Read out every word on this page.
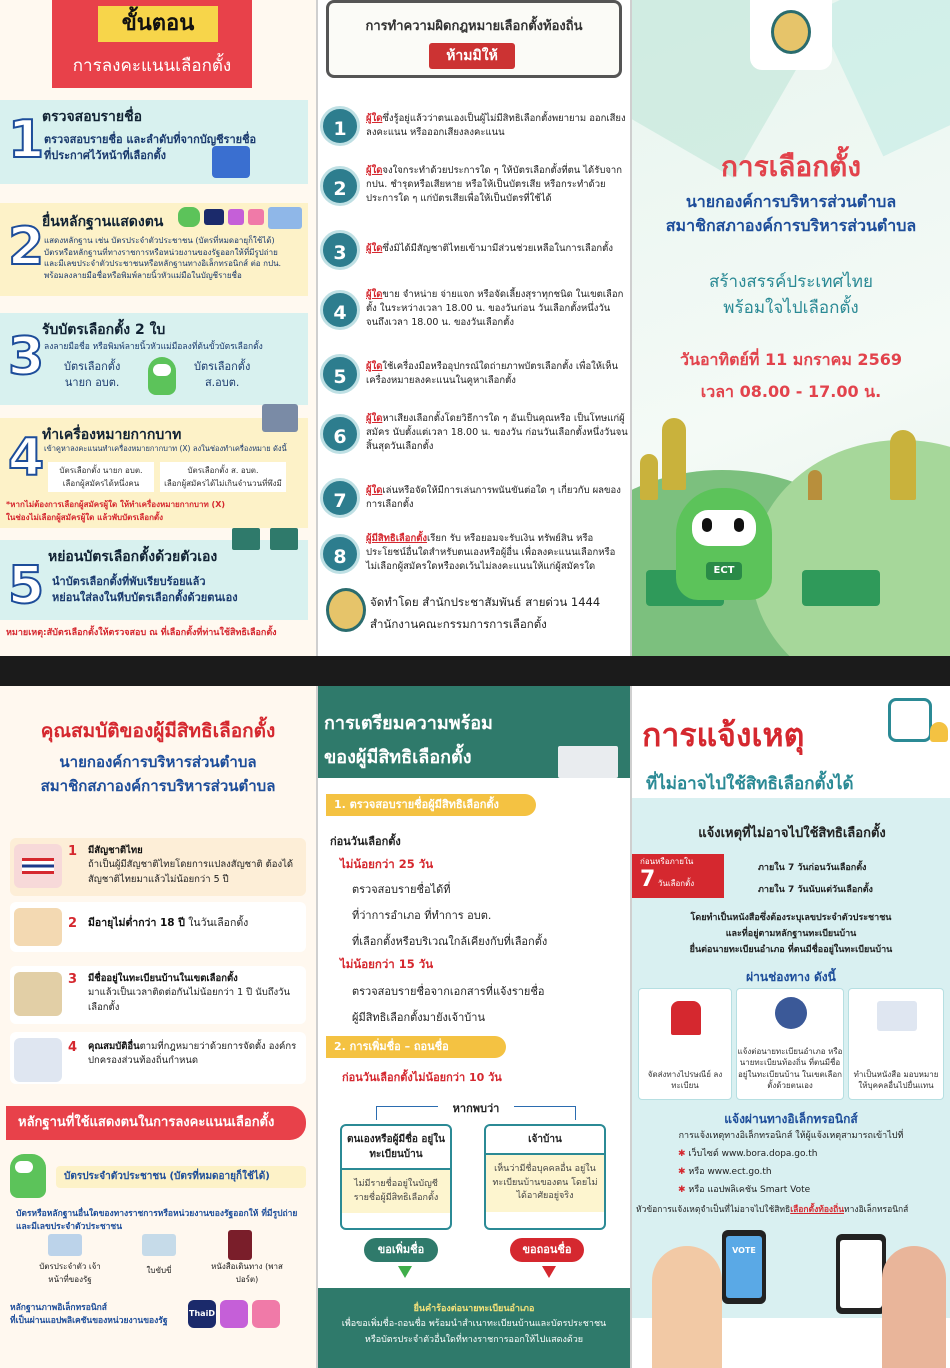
ขั้นตอน
การลงคะแนนเลือกตั้ง
1
ตรวจสอบรายชื่อ
ตรวจสอบรายชื่อ และลำดับที่จากบัญชีรายชื่อ
ที่ประกาศไว้หน้าที่เลือกตั้ง
2
ยื่นหลักฐานแสดงตน
แสดงหลักฐาน เช่น บัตรประจำตัวประชาชน (บัตรที่หมดอายุก็ใช้ได้)
บัตรหรือหลักฐานที่ทางราชการหรือหน่วยงานของรัฐออกให้ที่มีรูปถ่าย
และมีเลขประจำตัวประชาชนหรือหลักฐานทางอิเล็กทรอนิกส์ ต่อ กปน.
พร้อมลงลายมือชื่อหรือพิมพ์ลายนิ้วหัวแม่มือในบัญชีรายชื่อ
3
รับบัตรเลือกตั้ง 2 ใบ
ลงลายมือชื่อ หรือพิมพ์ลายนิ้วหัวแม่มือลงที่ต้นขั้วบัตรเลือกตั้ง
บัตรเลือกตั้ง
นายก อบต.
บัตรเลือกตั้ง
ส.อบต.
4
ทำเครื่องหมายกากบาท
เข้าคูหาลงคะแนนทำเครื่องหมายกากบาท (X) ลงในช่องทำเครื่องหมาย ดังนี้
บัตรเลือกตั้ง นายก อบต.
เลือกผู้สมัครได้หนึ่งคน
บัตรเลือกตั้ง ส. อบต.
เลือกผู้สมัครได้ไม่เกินจำนวนที่พึงมี
*หากไม่ต้องการเลือกผู้สมัครผู้ใด ให้ทำเครื่องหมายกากบาท (X)
ในช่องไม่เลือกผู้สมัครผู้ใด แล้วพับบัตรเลือกตั้ง
5 หย่อนบัตรเลือกตั้งด้วยตัวเอง
นำบัตรเลือกตั้งที่พับเรียบร้อยแล้ว
หย่อนใส่ลงในหีบบัตรเลือกตั้งด้วยตนเอง
หมายเหตุ:สับัตรเลือกตั้งให้ตรวจสอบ ณ ที่เลือกตั้งที่ท่านใช้สิทธิเลือกตั้ง
การทำความผิดกฎหมายเลือกตั้งท้องถิ่น
ห้ามมิให้
1	ผู้ใดซึ่งรู้อยู่แล้วว่าตนเองเป็นผู้ไม่มีสิทธิเลือกตั้งพยายาม ออกเสียงลงคะแนน หรือออกเสียงลงคะแนน
2
ผู้ใดจงใจกระทำด้วยประการใด ๆ ให้บัตรเลือกตั้งที่ตน ได้รับจาก กปน. ชำรุดหรือเสียหาย หรือให้เป็นบัตรเสีย หรือกระทำด้วยประการใด ๆ แก่บัตรเสียเพื่อให้เป็นบัตรที่ใช้ได้
3	ผู้ใดซึ่งมิได้มีสัญชาติไทยเข้ามามีส่วนช่วยเหลือในการเลือกตั้ง
4
ผู้ใดขาย จำหน่าย จ่ายแจก หรือจัดเลี้ยงสุราทุกชนิด ในเขตเลือกตั้ง ในระหว่างเวลา 18.00 น. ของวันก่อน วันเลือกตั้งหนึ่งวัน จนถึงเวลา 18.00 น. ของวันเลือกตั้ง
5	ผู้ใดใช้เครื่องมือหรืออุปกรณ์ใดถ่ายภาพบัตรเลือกตั้ง เพื่อให้เห็นเครื่องหมายลงคะแนนในคูหาเลือกตั้ง
6
ผู้ใดหาเสียงเลือกตั้งโดยวิธีการใด ๆ อันเป็นคุณหรือ เป็นโทษแก่ผู้สมัคร นับตั้งแต่เวลา 18.00 น. ของวัน ก่อนวันเลือกตั้งหนึ่งวันจนสิ้นสุดวันเลือกตั้ง
7	ผู้ใดเล่นหรือจัดให้มีการเล่นการพนันขันต่อใด ๆ เกี่ยวกับ ผลของการเลือกตั้ง
8
ผู้มีสิทธิเลือกตั้งเรียก รับ หรือยอมจะรับเงิน ทรัพย์สิน หรือ ประโยชน์อื่นใดสำหรับตนเองหรือผู้อื่น เพื่อลงคะแนนเลือกหรือ ไม่เลือกผู้สมัครใดหรืองดเว้นไม่ลงคะแนนให้แก่ผู้สมัครใด
จัดทำโดย สำนักประชาสัมพันธ์ สายด่วน 1444
สำนักงานคณะกรรมการการเลือกตั้ง
การเลือกตั้ง
นายกองค์การบริหารส่วนตำบล
สมาชิกสภาองค์การบริหารส่วนตำบล
สร้างสรรค์ประเทศไทย
พร้อมใจไปเลือกตั้ง
วันอาทิตย์ที่ 11 มกราคม 2569
เวลา 08.00 - 17.00 น.
ECT
คุณสมบัติของผู้มีสิทธิเลือกตั้ง
นายกองค์การบริหารส่วนตำบล
สมาชิกสภาองค์การบริหารส่วนตำบล
1 มีสัญชาติไทย
ถ้าเป็นผู้มีสัญชาติไทยโดยการแปลงสัญชาติ ต้องได้สัญชาติไทยมาแล้วไม่น้อยกว่า 5 ปี
2 มีอายุไม่ต่ำกว่า 18 ปี ในวันเลือกตั้ง
3 มีชื่ออยู่ในทะเบียนบ้านในเขตเลือกตั้ง
มาแล้วเป็นเวลาติดต่อกันไม่น้อยกว่า 1 ปี นับถึงวันเลือกตั้ง
4 คุณสมบัติอื่นตามที่กฎหมายว่าด้วยการจัดตั้ง องค์กรปกครองส่วนท้องถิ่นกำหนด
หลักฐานที่ใช้แสดงตนในการลงคะแนนเลือกตั้ง
บัตรประจำตัวประชาชน (บัตรที่หมดอายุก็ใช้ได้)
บัตรหรือหลักฐานอื่นใดของทางราชการหรือหน่วยงานของรัฐออกให้ ที่มีรูปถ่ายและมีเลขประจำตัวประชาชน
บัตรประจำตัว เจ้าหน้าที่ของรัฐ
ใบขับขี่	หนังสือเดินทาง (พาสปอร์ต)
หลักฐานภาพอิเล็กทรอนิกส์
ที่เป็นผ่านแอปพลิเคชันของหน่วยงานของรัฐ
ThaiD
การเตรียมความพร้อม
ของผู้มีสิทธิเลือกตั้ง
1. ตรวจสอบรายชื่อผู้มีสิทธิเลือกตั้ง
ก่อนวันเลือกตั้ง
ไม่น้อยกว่า 25 วัน
ตรวจสอบรายชื่อได้ที่
ที่ว่าการอำเภอ ที่ทำการ อบต.
ที่เลือกตั้งหรือบริเวณใกล้เคียงกับที่เลือกตั้ง
ไม่น้อยกว่า 15 วัน
ตรวจสอบรายชื่อจากเอกสารที่แจ้งรายชื่อ
ผู้มีสิทธิเลือกตั้งมายังเจ้าบ้าน
2. การเพิ่มชื่อ – ถอนชื่อ
ก่อนวันเลือกตั้งไม่น้อยกว่า 10 วัน
หากพบว่า
ตนเองหรือผู้มีชื่อ อยู่ในทะเบียนบ้าน
ไม่มีรายชื่ออยู่ในบัญชี รายชื่อผู้มีสิทธิเลือกตั้ง
เจ้าบ้าน
เห็นว่ามีชื่อบุคคลอื่น อยู่ในทะเบียนบ้านของตน โดยไม่ได้อาศัยอยู่จริง
ขอเพิ่มชื่อ	ขอถอนชื่อ
ยื่นคำร้องต่อนายทะเบียนอำเภอ
เพื่อขอเพิ่มชื่อ-ถอนชื่อ พร้อมนำสำเนาทะเบียนบ้านและบัตรประชาชน
หรือบัตรประจำตัวอื่นใดที่ทางราชการออกให้ไปแสดงด้วย
การแจ้งเหตุ
ที่ไม่อาจไปใช้สิทธิเลือกตั้งได้
แจ้งเหตุที่ไม่อาจไปใช้สิทธิเลือกตั้ง
ก่อนหรือภายใน
7 วันเลือกตั้ง
ภายใน 7 วันก่อนวันเลือกตั้ง
ภายใน 7 วันนับแต่วันเลือกตั้ง
โดยทำเป็นหนังสือซึ่งต้องระบุเลขประจำตัวประชาชน
และที่อยู่ตามหลักฐานทะเบียนบ้าน
ยื่นต่อนายทะเบียนอำเภอ ที่ตนมีชื่ออยู่ในทะเบียนบ้าน
ผ่านช่องทาง ดังนี้
จัดส่งทางไปรษณีย์ ลงทะเบียน
แจ้งต่อนายทะเบียนอำเภอ หรือนายทะเบียนท้องถิ่น ที่ตนมีชื่ออยู่ในทะเบียนบ้าน ในเขตเลือกตั้งด้วยตนเอง
ทำเป็นหนังสือ มอบหมาย ให้บุคคลอื่นไปยื่นแทน
แจ้งผ่านทางอิเล็กทรอนิกส์
การแจ้งเหตุทางอิเล็กทรอนิกส์ ให้ผู้แจ้งเหตุสามารถเข้าไปที่
✱ เว็บไซต์ www.bora.dopa.go.th
✱ หรือ www.ect.go.th
✱ หรือ แอปพลิเคชัน Smart Vote
หัวข้อการแจ้งเหตุจำเป็นที่ไม่อาจไปใช้สิทธิเลือกตั้งท้องถิ่นทางอิเล็กทรอนิกส์
VOTE
